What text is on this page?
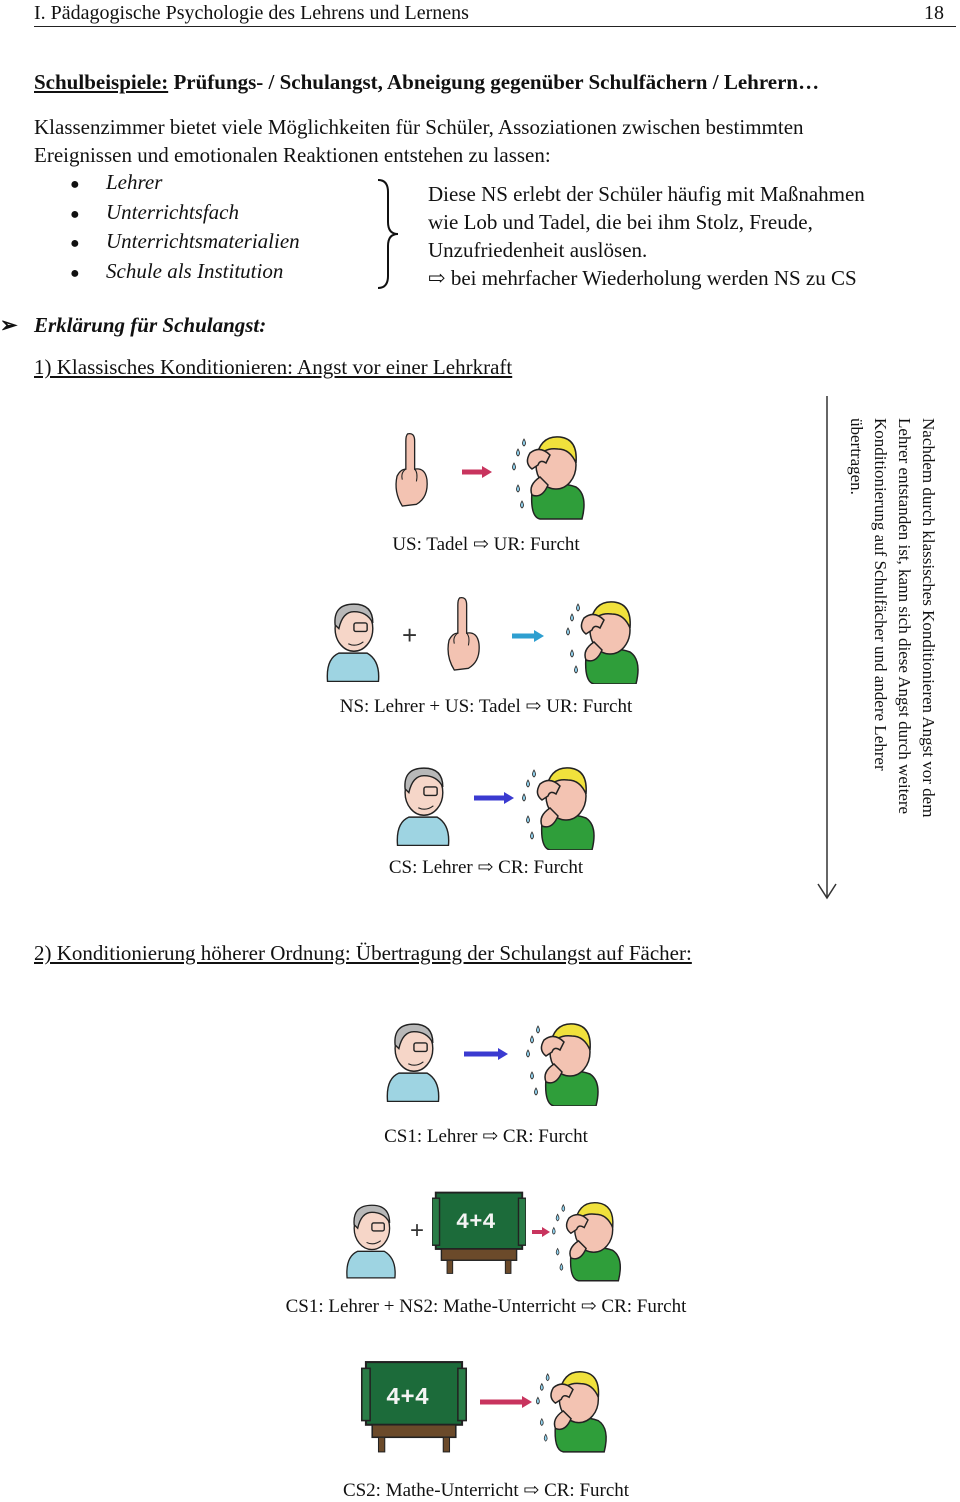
I. Pädagogische Psychologie des Lehrens und Lernens	18
Schulbeispiele: Prüfungs- / Schulangst, Abneigung gegenüber Schulfächern / Lehrern…
Klassenzimmer bietet viele Möglichkeiten für Schüler, Assoziationen zwischen bestimmten
Ereignissen und emotionalen Reaktionen entstehen zu lassen:
● Lehrer
● Unterrichtsfach
● Unterrichtsmaterialien
● Schule als Institution
Diese NS erlebt der Schüler häufig mit Maßnahmen
wie Lob und Tadel, die bei ihm Stolz, Freude,
Unzufriedenheit auslösen.
⇨ bei mehrfacher Wiederholung werden NS zu CS
➢ Erklärung für Schulangst:
1) Klassisches Konditionieren: Angst vor einer Lehrkraft
US: Tadel ⇨ UR: Furcht
+
NS: Lehrer + US: Tadel ⇨ UR: Furcht
CS: Lehrer ⇨ CR: Furcht
Nachdem durch klassisches Konditionieren Angst vor dem Lehrer entstanden ist, kann sich diese Angst durch weitere Konditionierung auf Schulfächer und andere Lehrer übertragen.
2) Konditionierung höherer Ordnung: Übertragung der Schulangst auf Fächer:
CS1: Lehrer ⇨ CR: Furcht
+ 4+4
CS1: Lehrer + NS2: Mathe-Unterricht ⇨ CR: Furcht
4+4
CS2: Mathe-Unterricht ⇨ CR: Furcht
